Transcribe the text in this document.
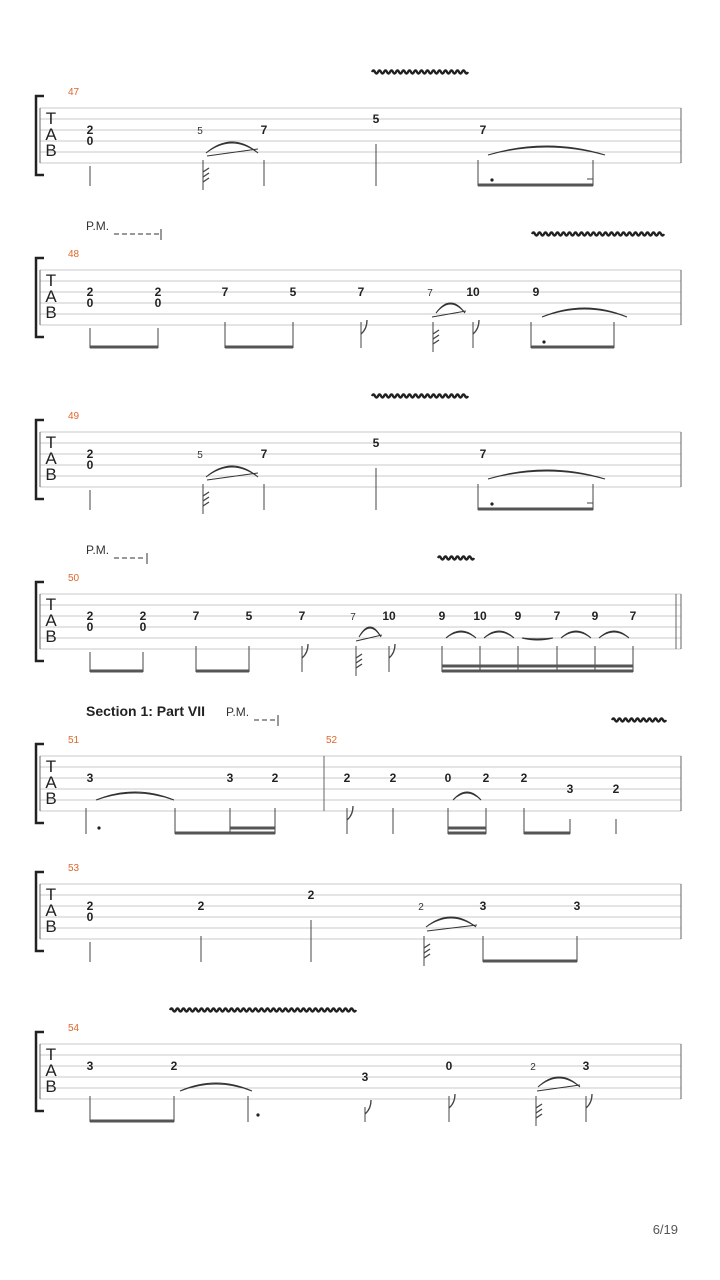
T
A
B
47
2
0
5	7
5
7
T
A
B
P.M.
48
2
0
2
0
7	5	7	7	10	9
T
A
B
49
2
0
5	7
5
7
T
A
B
P.M.
50
2
0
2
0
7	5	7	7 10	9 10 9	7	9	7
T
A
B
Section 1: Part VII P.M.
51
3	3	2
52
2	2	0	2	2
3	2
T
A
B
53
2
0
2
2
2	3	3
T
A
B
54
3	2
3
0	2	3
6/19
